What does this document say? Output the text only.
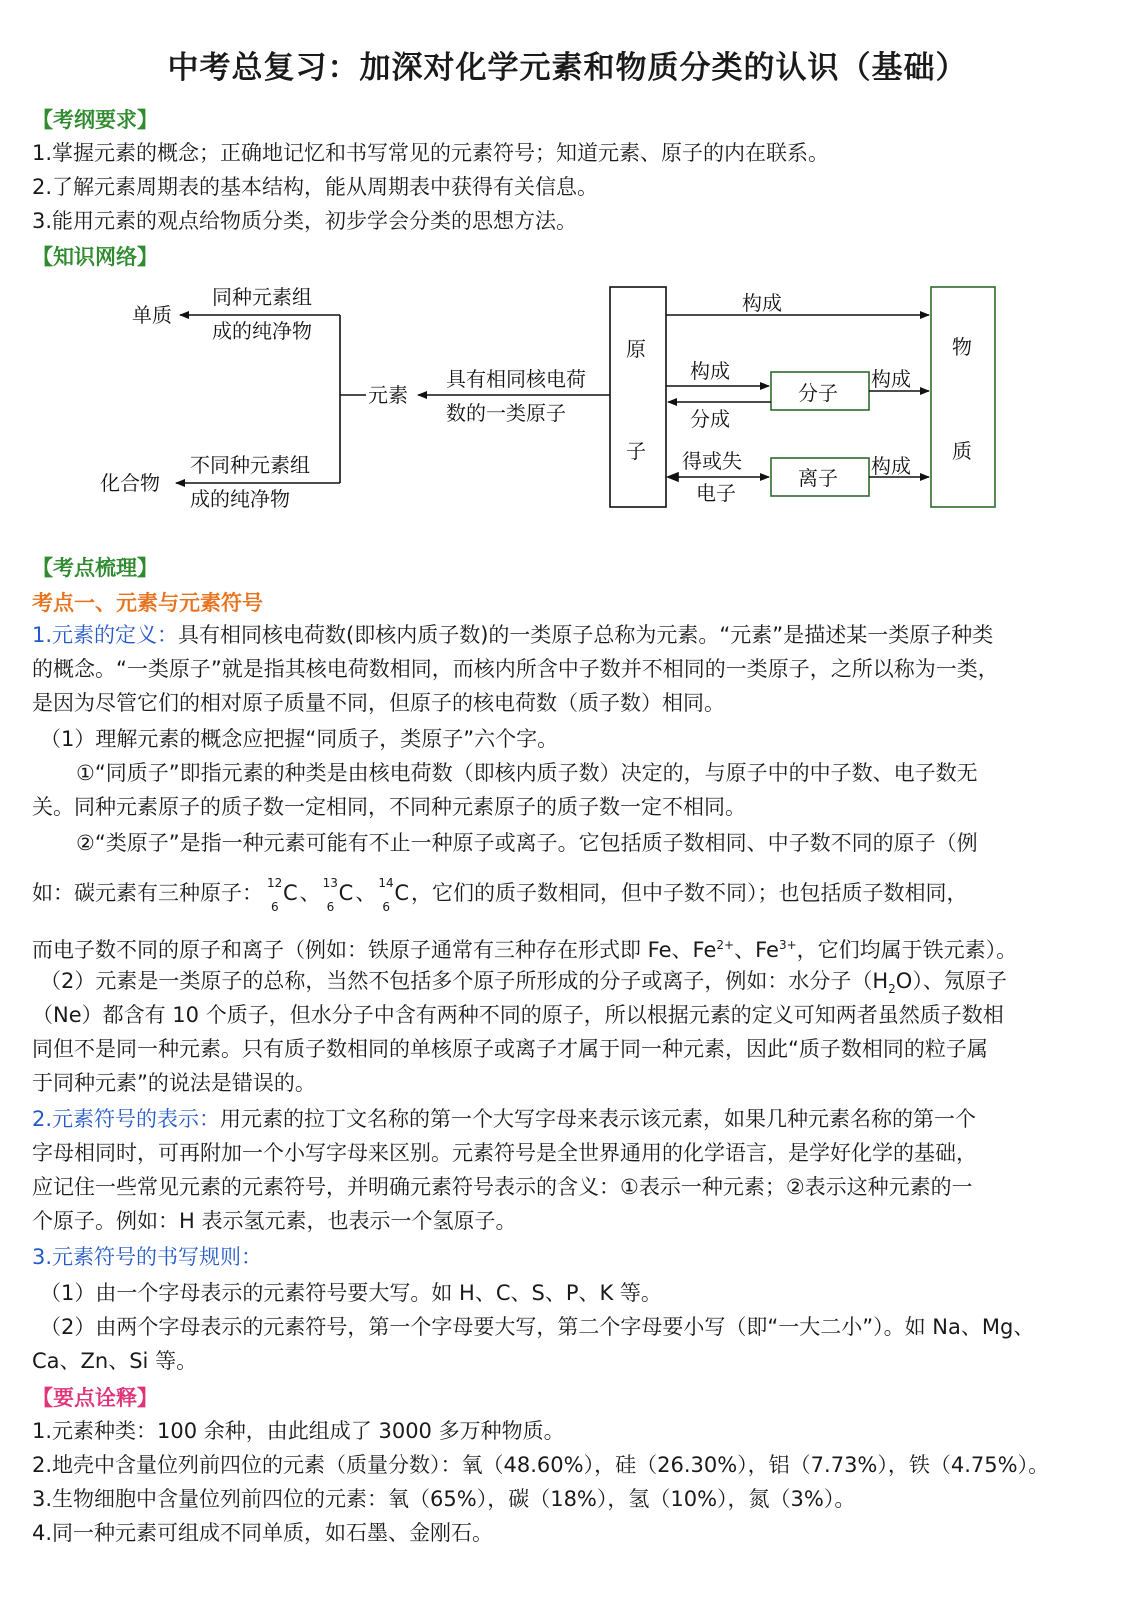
中考总复习：加深对化学元素和物质分类的认识（基础）
【考纲要求】
1.掌握元素的概念；正确地记忆和书写常见的元素符号；知道元素、原子的内在联系。
2.了解元素周期表的基本结构，能从周期表中获得有关信息。
3.能用元素的观点给物质分类，初步学会分类的思想方法。
【知识网络】
单质
同种元素组
成的纯净物
化合物
不同种元素组
成的纯净物
元素
具有相同核电荷
数的一类原子
原
子
构成
构成
分成
得或失
电子
分子
离子
构成
构成
物
质
【考点梳理】
考点一、元素与元素符号
1.元素的定义：具有相同核电荷数(即核内质子数)的一类原子总称为元素。“元素”是描述某一类原子种类
的概念。“一类原子”就是指其核电荷数相同，而核内所含中子数并不相同的一类原子，之所以称为一类，
是因为尽管它们的相对原子质量不同，但原子的核电荷数（质子数）相同。
（1）理解元素的概念应把握“同质子，类原子”六个字。
①“同质子”即指元素的种类是由核电荷数（即核内质子数）决定的，与原子中的中子数、电子数无
关。同种元素原子的质子数一定相同，不同种元素原子的质子数一定不相同。
②“类原子”是指一种元素可能有不止一种原子或离子。它包括质子数相同、中子数不同的原子（例
如：碳元素有三种原子： 12
6
C、 13
6
C、 14
6
C，它们的质子数相同，但中子数不同）；也包括质子数相同，
而电子数不同的原子和离子（例如：铁原子通常有三种存在形式即 Fe、$Fe^{2+}$、$Fe^{3+}$，它们均属于铁元素）。
（2）元素是一类原子的总称，当然不包括多个原子所形成的分子或离子，例如：水分子$(H_2O)$、氖原子
（Ne）都含有 10 个质子，但水分子中含有两种不同的原子，所以根据元素的定义可知两者虽然质子数相
同但不是同一种元素。只有质子数相同的单核原子或离子才属于同一种元素，因此“质子数相同的粒子属
于同种元素”的说法是错误的。
2.元素符号的表示：用元素的拉丁文名称的第一个大写字母来表示该元素，如果几种元素名称的第一个
字母相同时，可再附加一个小写字母来区别。元素符号是全世界通用的化学语言，是学好化学的基础，
应记住一些常见元素的元素符号，并明确元素符号表示的含义：①表示一种元素；②表示这种元素的一
个原子。例如：H 表示氢元素，也表示一个氢原子。
3.元素符号的书写规则：
（1）由一个字母表示的元素符号要大写。如 H、C、S、P、K 等。
（2）由两个字母表示的元素符号，第一个字母要大写，第二个字母要小写（即“一大二小”）。如 Na、Mg、
Ca、Zn、Si 等。
【要点诠释】
1.元素种类：100 余种，由此组成了 3000 多万种物质。
2.地壳中含量位列前四位的元素（质量分数）：氧（48.60%），硅（26.30%），铝（7.73%），铁（4.75%）。
3.生物细胞中含量位列前四位的元素：氧（65%），碳（18%），氢（10%），氮（3%）。
4.同一种元素可组成不同单质，如石墨、金刚石。
